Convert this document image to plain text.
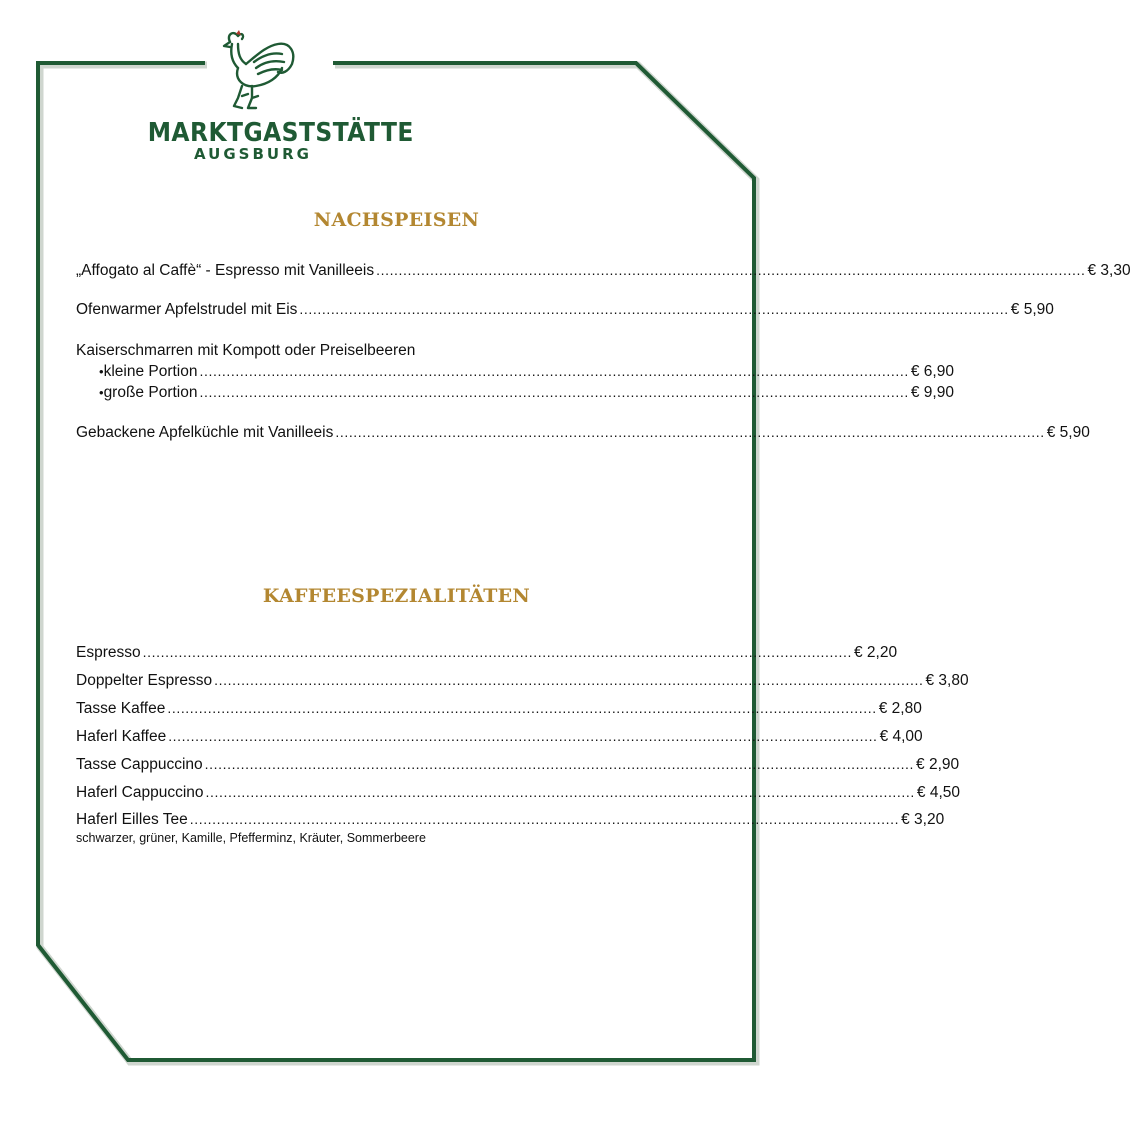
MARKTGASTSTÄTTE
AUGSBURG
NACHSPEISEN
„Affogato al Caffè“ - Espresso mit Vanilleeis .............................................................................................................................................................. € 3,30
Ofenwarmer Apfelstrudel mit Eis .............................................................................................................................................................. € 5,90
Kaiserschmarren mit Kompott oder Preiselbeeren
• kleine Portion .............................................................................................................................................................. € 6,90
• große Portion .............................................................................................................................................................. € 9,90
Gebackene Apfelküchle mit Vanilleeis .............................................................................................................................................................. € 5,90
KAFFEESPEZIALITÄTEN
Espresso .............................................................................................................................................................. € 2,20
Doppelter Espresso .............................................................................................................................................................. € 3,80
Tasse Kaffee .............................................................................................................................................................. € 2,80
Haferl Kaffee .............................................................................................................................................................. € 4,00
Tasse Cappuccino .............................................................................................................................................................. € 2,90
Haferl Cappuccino .............................................................................................................................................................. € 4,50
Haferl Eilles Tee .............................................................................................................................................................. € 3,20
schwarzer, grüner, Kamille, Pfefferminz, Kräuter, Sommerbeere
